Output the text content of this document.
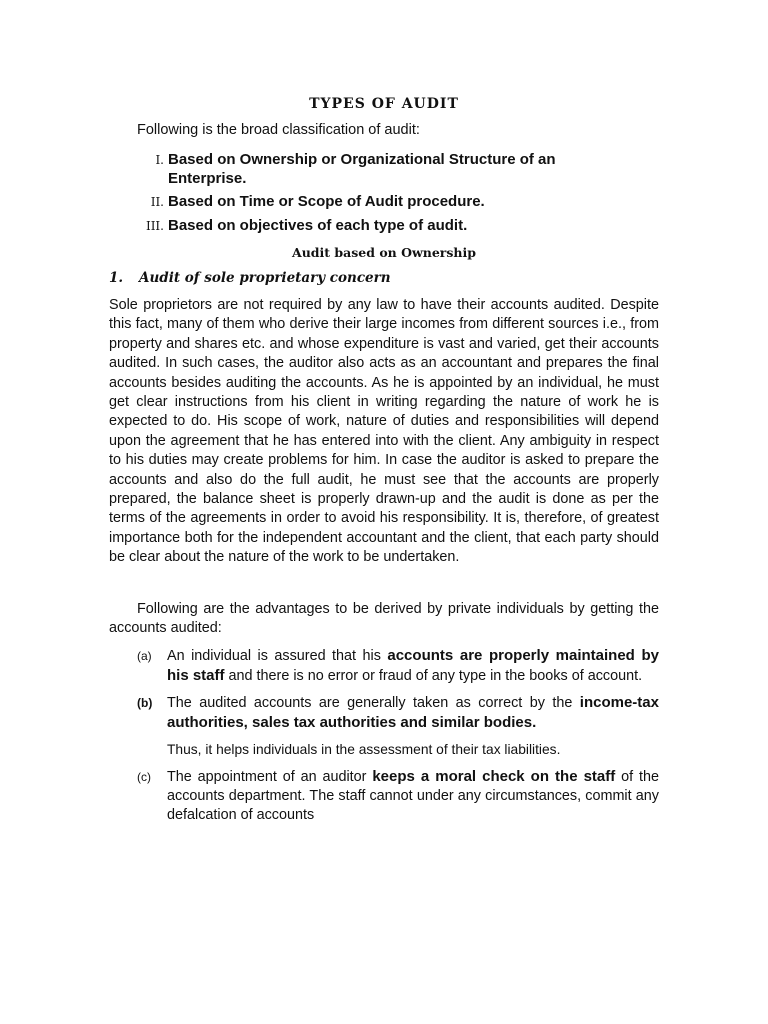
TYPES OF AUDIT

Following is the broad classification of audit:

I. Based on Ownership or Organizational Structure of an Enterprise.
II. Based on Time or Scope of Audit procedure.
III. Based on objectives of each type of audit.
Audit based on Ownership
1. Audit of sole proprietary concern

Sole proprietors are not required by any law to have their accounts audited. Despite this fact, many of them who derive their large incomes from different sources i.e., from property and shares etc. and whose expenditure is vast and varied, get their accounts audited. In such cases, the auditor also acts as an accountant and prepares the final accounts besides auditing the accounts. As he is appointed by an individual, he must get clear instructions from his client in writing regarding the nature of work he is expected to do. His scope of work, nature of duties and responsibilities will depend upon the agreement that he has entered into with the client. Any ambiguity in respect to his duties may create problems for him. In case the auditor is asked to prepare the accounts and also do the full audit, he must see that the accounts are properly prepared, the balance sheet is properly drawn-up and the audit is done as per the terms of the agreements in order to avoid his responsibility. It is, therefore, of greatest importance both for the independent accountant and the client, that each party should be clear about the nature of the work to be undertaken.

Following are the advantages to be derived by private individuals by getting the accounts audited:

(a)	An individual is assured that his accounts are properly maintained by his staff and there is no error or fraud of any type in the books of account.
(b)	The audited accounts are generally taken as correct by the income-tax authorities, sales tax authorities and similar bodies.
Thus, it helps individuals in the assessment of their tax liabilities.
(c)	The appointment of an auditor keeps a moral check on the staff of the accounts department. The staff cannot under any circumstances, commit any defalcation of accounts
